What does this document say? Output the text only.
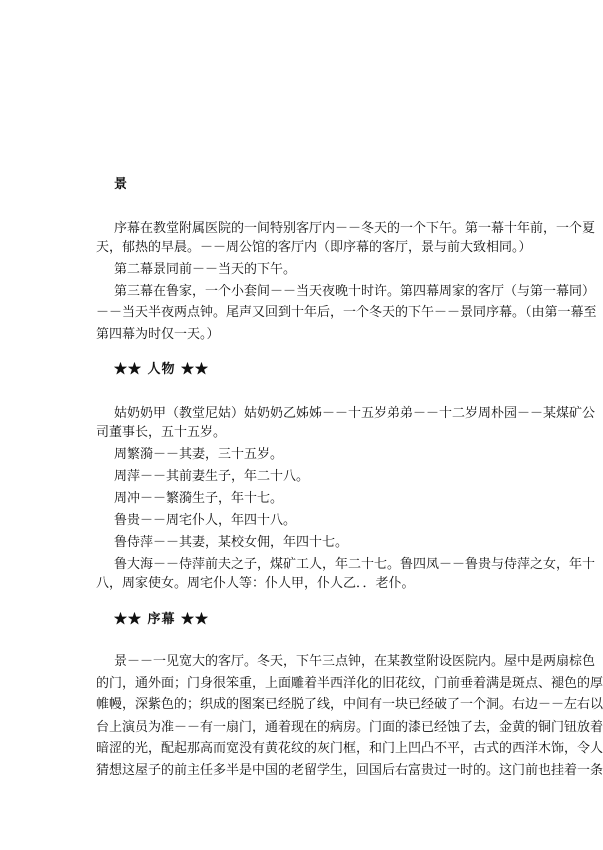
景
序幕在教堂附属医院的一间特别客厅内－－冬天的一个下午。第一幕十年前，一个夏
天，郁热的早晨。－－周公馆的客厅内（即序幕的客厅，景与前大致相同。）
第二幕景同前－－当天的下午。
第三幕在鲁家，一个小套间－－当天夜晚十时许。第四幕周家的客厅（与第一幕同）
－－当天半夜两点钟。尾声又回到十年后，一个冬天的下午－－景同序幕。（由第一幕至
第四幕为时仅一天。）
★★ 人物 ★★
姑奶奶甲（教堂尼姑）姑奶奶乙姊姊－－十五岁弟弟－－十二岁周朴园－－某煤矿公
司董事长，五十五岁。
周繁漪－－其妻，三十五岁。
周萍－－其前妻生子，年二十八。
周冲－－繁漪生子，年十七。
鲁贵－－周宅仆人，年四十八。
鲁侍萍－－其妻，某校女佣，年四十七。
鲁大海－－侍萍前夫之子，煤矿工人，年二十七。鲁四凤－－鲁贵与侍萍之女，年十
八，周家使女。周宅仆人等：仆人甲，仆人乙．．老仆。
★★ 序幕 ★★
景－－一见宽大的客厅。冬天，下午三点钟，在某教堂附设医院内。屋中是两扇棕色
的门，通外面；门身很笨重，上面雕着半西洋化的旧花纹，门前垂着满是斑点、褪色的厚
帷幔，深紫色的；织成的图案已经脱了线，中间有一块已经破了一个洞。右边－－左右以
台上演员为准－－有一扇门，通着现在的病房。门面的漆已经蚀了去，金黄的铜门钮放着
暗涩的光，配起那高而宽没有黄花纹的灰门框，和门上凹凸不平，古式的西洋木饰，令人
猜想这屋子的前主任多半是中国的老留学生，回国后右富贵过一时的。这门前也挂着一条
